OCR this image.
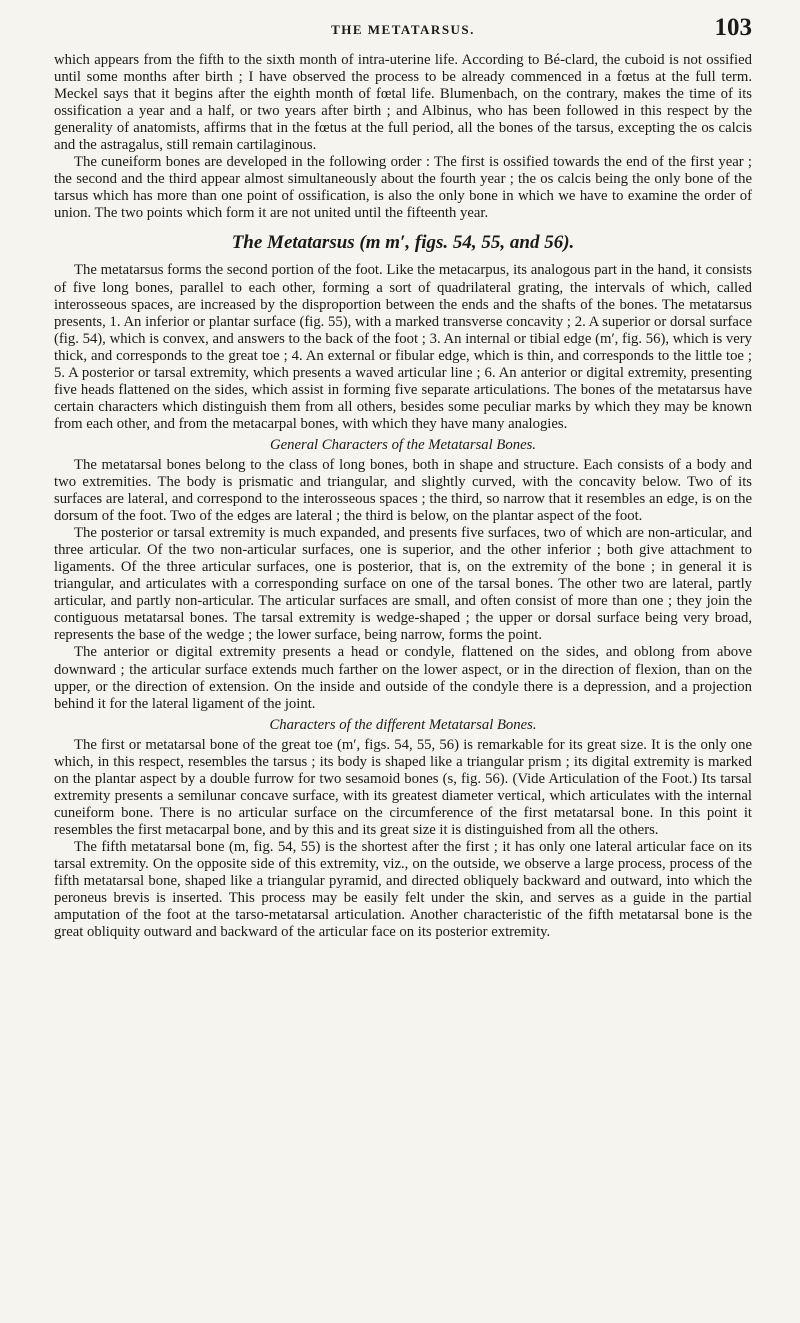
THE METATARSUS.	103

which appears from the fifth to the sixth month of intra-uterine life. According to Bé-clard, the cuboid is not ossified until some months after birth ; I have observed the process to be already commenced in a fœtus at the full term. Meckel says that it begins after the eighth month of fœtal life. Blumenbach, on the contrary, makes the time of its ossification a year and a half, or two years after birth ; and Albinus, who has been followed in this respect by the generality of anatomists, affirms that in the fœtus at the full period, all the bones of the tarsus, excepting the os calcis and the astragalus, still remain cartilaginous.

The cuneiform bones are developed in the following order : The first is ossified towards the end of the first year ; the second and the third appear almost simultaneously about the fourth year ; the os calcis being the only bone of the tarsus which has more than one point of ossification, is also the only bone in which we have to examine the order of union. The two points which form it are not united until the fifteenth year.

The Metatarsus (m m′, figs. 54, 55, and 56).

The metatarsus forms the second portion of the foot. Like the metacarpus, its analogous part in the hand, it consists of five long bones, parallel to each other, forming a sort of quadrilateral grating, the intervals of which, called interosseous spaces, are increased by the disproportion between the ends and the shafts of the bones. The metatarsus presents, 1. An inferior or plantar surface (fig. 55), with a marked transverse concavity ; 2. A superior or dorsal surface (fig. 54), which is convex, and answers to the back of the foot ; 3. An internal or tibial edge (m′, fig. 56), which is very thick, and corresponds to the great toe ; 4. An external or fibular edge, which is thin, and corresponds to the little toe ; 5. A posterior or tarsal extremity, which presents a waved articular line ; 6. An anterior or digital extremity, presenting five heads flattened on the sides, which assist in forming five separate articulations. The bones of the metatarsus have certain characters which distinguish them from all others, besides some peculiar marks by which they may be known from each other, and from the metacarpal bones, with which they have many analogies.

General Characters of the Metatarsal Bones.

The metatarsal bones belong to the class of long bones, both in shape and structure. Each consists of a body and two extremities. The body is prismatic and triangular, and slightly curved, with the concavity below. Two of its surfaces are lateral, and correspond to the interosseous spaces ; the third, so narrow that it resembles an edge, is on the dorsum of the foot. Two of the edges are lateral ; the third is below, on the plantar aspect of the foot.

The posterior or tarsal extremity is much expanded, and presents five surfaces, two of which are non-articular, and three articular. Of the two non-articular surfaces, one is superior, and the other inferior ; both give attachment to ligaments. Of the three articular surfaces, one is posterior, that is, on the extremity of the bone ; in general it is triangular, and articulates with a corresponding surface on one of the tarsal bones. The other two are lateral, partly articular, and partly non-articular. The articular surfaces are small, and often consist of more than one ; they join the contiguous metatarsal bones. The tarsal extremity is wedge-shaped ; the upper or dorsal surface being very broad, represents the base of the wedge ; the lower surface, being narrow, forms the point.

The anterior or digital extremity presents a head or condyle, flattened on the sides, and oblong from above downward ; the articular surface extends much farther on the lower aspect, or in the direction of flexion, than on the upper, or the direction of extension. On the inside and outside of the condyle there is a depression, and a projection behind it for the lateral ligament of the joint.

Characters of the different Metatarsal Bones.

The first or metatarsal bone of the great toe (m′, figs. 54, 55, 56) is remarkable for its great size. It is the only one which, in this respect, resembles the tarsus ; its body is shaped like a triangular prism ; its digital extremity is marked on the plantar aspect by a double furrow for two sesamoid bones (s, fig. 56). (Vide Articulation of the Foot.) Its tarsal extremity presents a semilunar concave surface, with its greatest diameter vertical, which articulates with the internal cuneiform bone. There is no articular surface on the circumference of the first metatarsal bone. In this point it resembles the first metacarpal bone, and by this and its great size it is distinguished from all the others.

The fifth metatarsal bone (m, fig. 54, 55) is the shortest after the first ; it has only one lateral articular face on its tarsal extremity. On the opposite side of this extremity, viz., on the outside, we observe a large process, process of the fifth metatarsal bone, shaped like a triangular pyramid, and directed obliquely backward and outward, into which the peroneus brevis is inserted. This process may be easily felt under the skin, and serves as a guide in the partial amputation of the foot at the tarso-metatarsal articulation. Another characteristic of the fifth metatarsal bone is the great obliquity outward and backward of the articular face on its posterior extremity.
